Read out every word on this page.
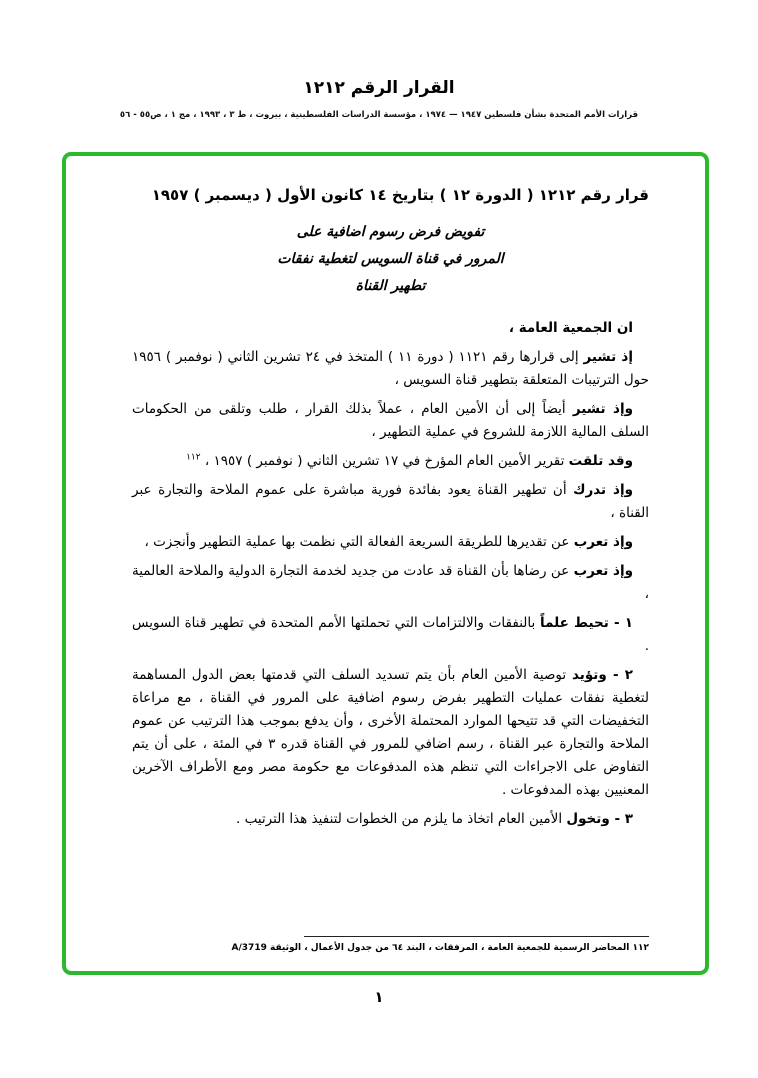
القرار الرقم ١٢١٢
قرارات الأمم المتحدة بشأن فلسطين ١٩٤٧ — ١٩٧٤ ، مؤسسة الدراسات الفلسطينية ، بيروت ، ط ٣ ، ١٩٩٣ ، مج ١ ، ص٥٥ - ٥٦
قرار رقم ١٢١٢ ( الدورة ١٢ ) بتاريخ ١٤ كانون الأول ( ديسمبر ) ١٩٥٧
تفويض فرض رسوم اضافية على
المرور في قناة السويس لتغطية نفقات
تطهير القناة

ان الجمعية العامة ،

إذ تشير إلى قرارها رقم ١١٢١ ( دورة ١١ ) المتخذ في ٢٤ تشرين الثاني ( نوفمبر ) ١٩٥٦ حول الترتيبات المتعلقة بتطهير قناة السويس ،

وإذ تشير أيضاً إلى أن الأمين العام ، عملاً بذلك القرار ، طلب وتلقى من الحكومات السلف المالية اللازمة للشروع في عملية التطهير ،

وقد تلقت تقرير الأمين العام المؤرخ في ١٧ تشرين الثاني ( نوفمبر ) ١٩٥٧ ، $^{١١٢}$

وإذ تدرك أن تطهير القناة يعود بفائدة فورية مباشرة على عموم الملاحة والتجارة عبر القناة ،

وإذ تعرب عن تقديرها للطريقة السريعة الفعالة التي نظمت بها عملية التطهير وأنجزت ،

وإذ تعرب عن رضاها بأن القناة قد عادت من جديد لخدمة التجارة الدولية والملاحة العالمية ،

١ - تحيط علماً بالنفقات والالتزامات التي تحملتها الأمم المتحدة في تطهير قناة السويس .

٢ - وتؤيد توصية الأمين العام بأن يتم تسديد السلف التي قدمتها بعض الدول المساهمة لتغطية نفقات عمليات التطهير بفرض رسوم اضافية على المرور في القناة ، مع مراعاة التخفيضات التي قد تتيحها الموارد المحتملة الأخرى ، وأن يدفع بموجب هذا الترتيب عن عموم الملاحة والتجارة عبر القناة ، رسم اضافي للمرور في القناة قدره ٣ في المئة ، على أن يتم التفاوض على الاجراءات التي تنظم هذه المدفوعات مع حكومة مصر ومع الأطراف الآخرين المعنيين بهذه المدفوعات .

٣ - وتخول الأمين العام اتخاذ ما يلزم من الخطوات لتنفيذ هذا الترتيب .

١١٢ المحاضر الرسمية للجمعية العامة ، المرفقات ، البند ٦٤ من جدول الأعمال ، الوثيقة A/3719
١
